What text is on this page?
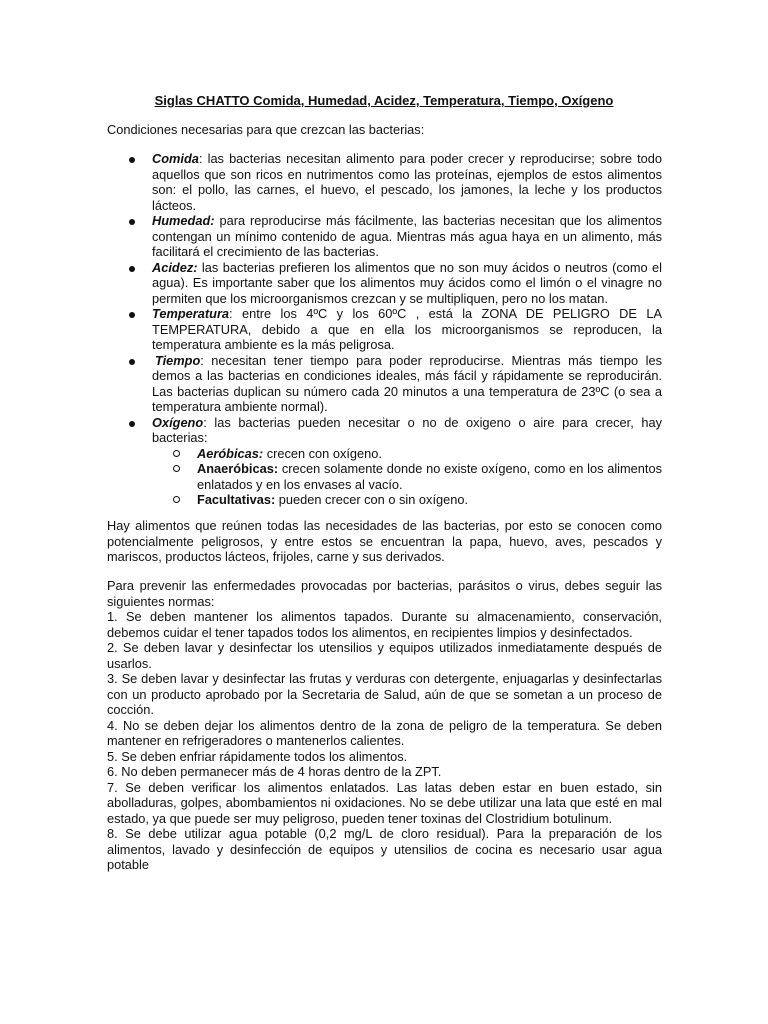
Siglas CHATTO Comida, Humedad, Acidez, Temperatura, Tiempo, Oxígeno
Condiciones necesarias para que crezcan las bacterias:
Comida: las bacterias necesitan alimento para poder crecer y reproducirse; sobre todo aquellos que son ricos en nutrimentos como las proteínas, ejemplos de estos alimentos son: el pollo, las carnes, el huevo, el pescado, los jamones, la leche y los productos lácteos.
Humedad: para reproducirse más fácilmente, las bacterias necesitan que los alimentos contengan un mínimo contenido de agua. Mientras más agua haya en un alimento, más facilitará el crecimiento de las bacterias.
Acidez: las bacterias prefieren los alimentos que no son muy ácidos o neutros (como el agua). Es importante saber que los alimentos muy ácidos como el limón o el vinagre no permiten que los microorganismos crezcan y se multipliquen, pero no los matan.
Temperatura: entre los 4ºC y los 60ºC , está la ZONA DE PELIGRO DE LA TEMPERATURA, debido a que en ella los microorganismos se reproducen, la temperatura ambiente es la más peligrosa.
Tiempo: necesitan tener tiempo para poder reproducirse. Mientras más tiempo les demos a las bacterias en condiciones ideales, más fácil y rápidamente se reproducirán. Las bacterias duplican su número cada 20 minutos a una temperatura de 23ºC (o sea a temperatura ambiente normal).
Oxígeno: las bacterias pueden necesitar o no de oxigeno o aire para crecer, hay bacterias:
Aeróbicas: crecen con oxígeno.
Anaeróbicas: crecen solamente donde no existe oxígeno, como en los alimentos enlatados y en los envases al vacío.
Facultativas: pueden crecer con o sin oxígeno.
Hay alimentos que reúnen todas las necesidades de las bacterias, por esto se conocen como potencialmente peligrosos, y entre estos se encuentran la papa, huevo, aves, pescados y mariscos, productos lácteos, frijoles, carne y sus derivados.
Para prevenir las enfermedades provocadas por bacterias, parásitos o virus, debes seguir las siguientes normas:
1. Se deben mantener los alimentos tapados. Durante su almacenamiento, conservación, debemos cuidar el tener tapados todos los alimentos, en recipientes limpios y desinfectados.
2. Se deben lavar y desinfectar los utensilios y equipos utilizados inmediatamente después de usarlos.
3. Se deben lavar y desinfectar las frutas y verduras con detergente, enjuagarlas y desinfectarlas con un producto aprobado por la Secretaria de Salud, aún de que se sometan a un proceso de cocción.
4. No se deben dejar los alimentos dentro de la zona de peligro de la temperatura. Se deben mantener en refrigeradores o mantenerlos calientes.
5. Se deben enfriar rápidamente todos los alimentos.
6. No deben permanecer más de 4 horas dentro de la ZPT.
7. Se deben verificar los alimentos enlatados. Las latas deben estar en buen estado, sin abolladuras, golpes, abombamientos ni oxidaciones. No se debe utilizar una lata que esté en mal estado, ya que puede ser muy peligroso, pueden tener toxinas del Clostridium botulinum.
8. Se debe utilizar agua potable (0,2 mg/L de cloro residual). Para la preparación de los alimentos, lavado y desinfección de equipos y utensilios de cocina es necesario usar agua potable
